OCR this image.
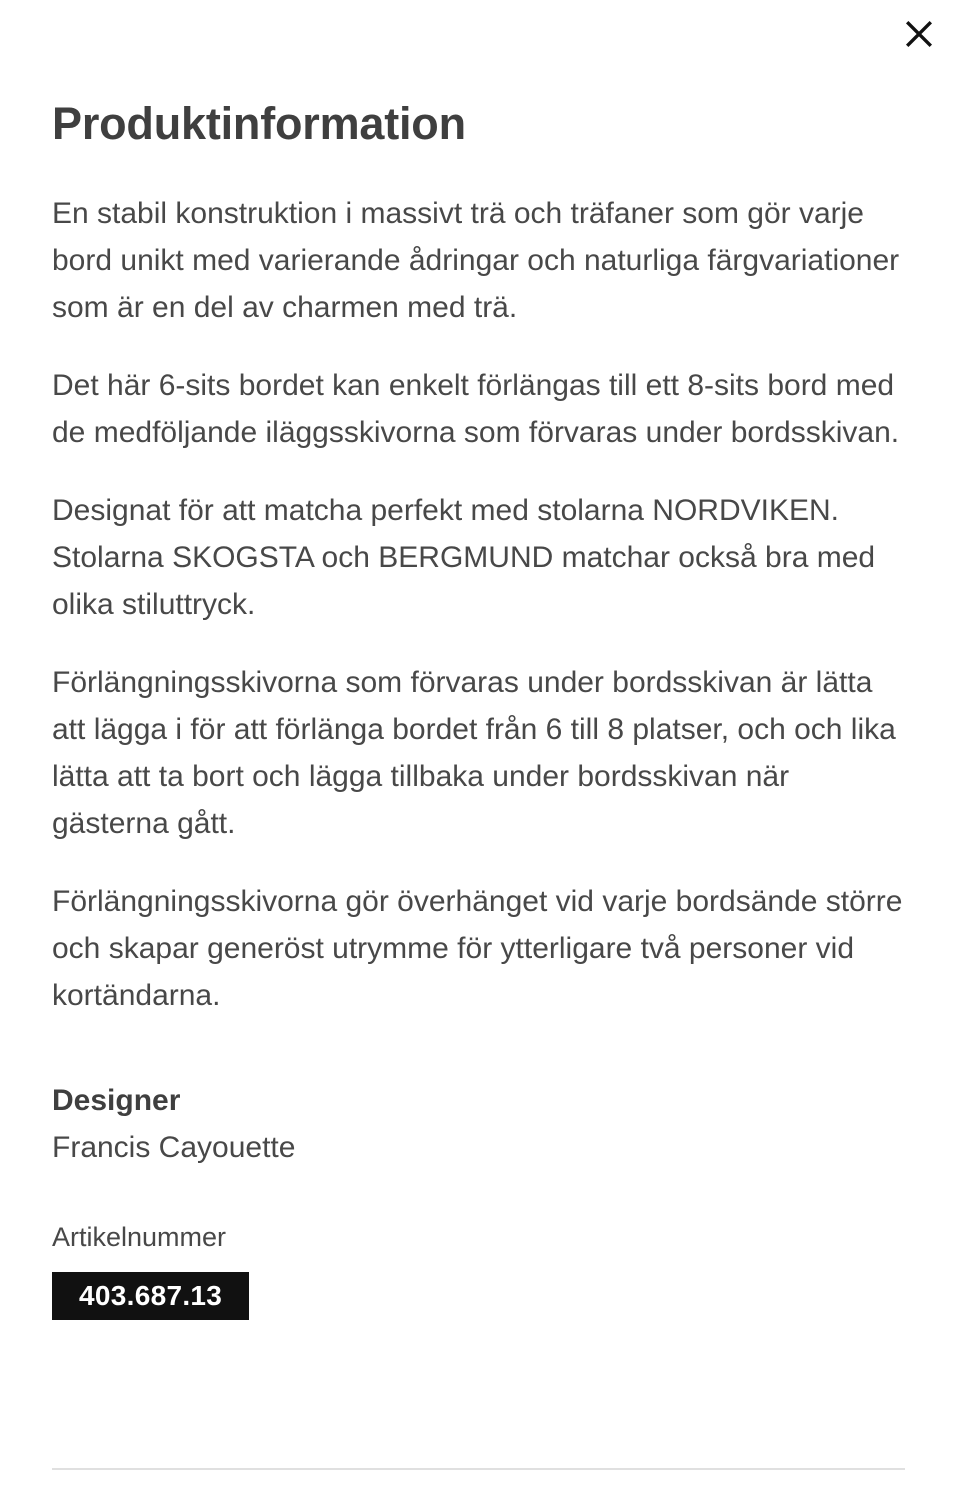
Produktinformation

En stabil konstruktion i massivt trä och träfaner som gör varje bord unikt med varierande ådringar och naturliga färgvariationer som är en del av charmen med trä.

Det här 6-sits bordet kan enkelt förlängas till ett 8-sits bord med de medföljande iläggsskivorna som förvaras under bordsskivan.

Designat för att matcha perfekt med stolarna NORDVIKEN. Stolarna SKOGSTA och BERGMUND matchar också bra med olika stiluttryck.

Förlängningsskivorna som förvaras under bordsskivan är lätta att lägga i för att förlänga bordet från 6 till 8 platser, och och lika lätta att ta bort och lägga tillbaka under bordsskivan när gästerna gått.

Förlängningsskivorna gör överhänget vid varje bordsände större och skapar generöst utrymme för ytterligare två personer vid kortändarna.

Designer
Francis Cayouette
Artikelnummer
403.687.13
